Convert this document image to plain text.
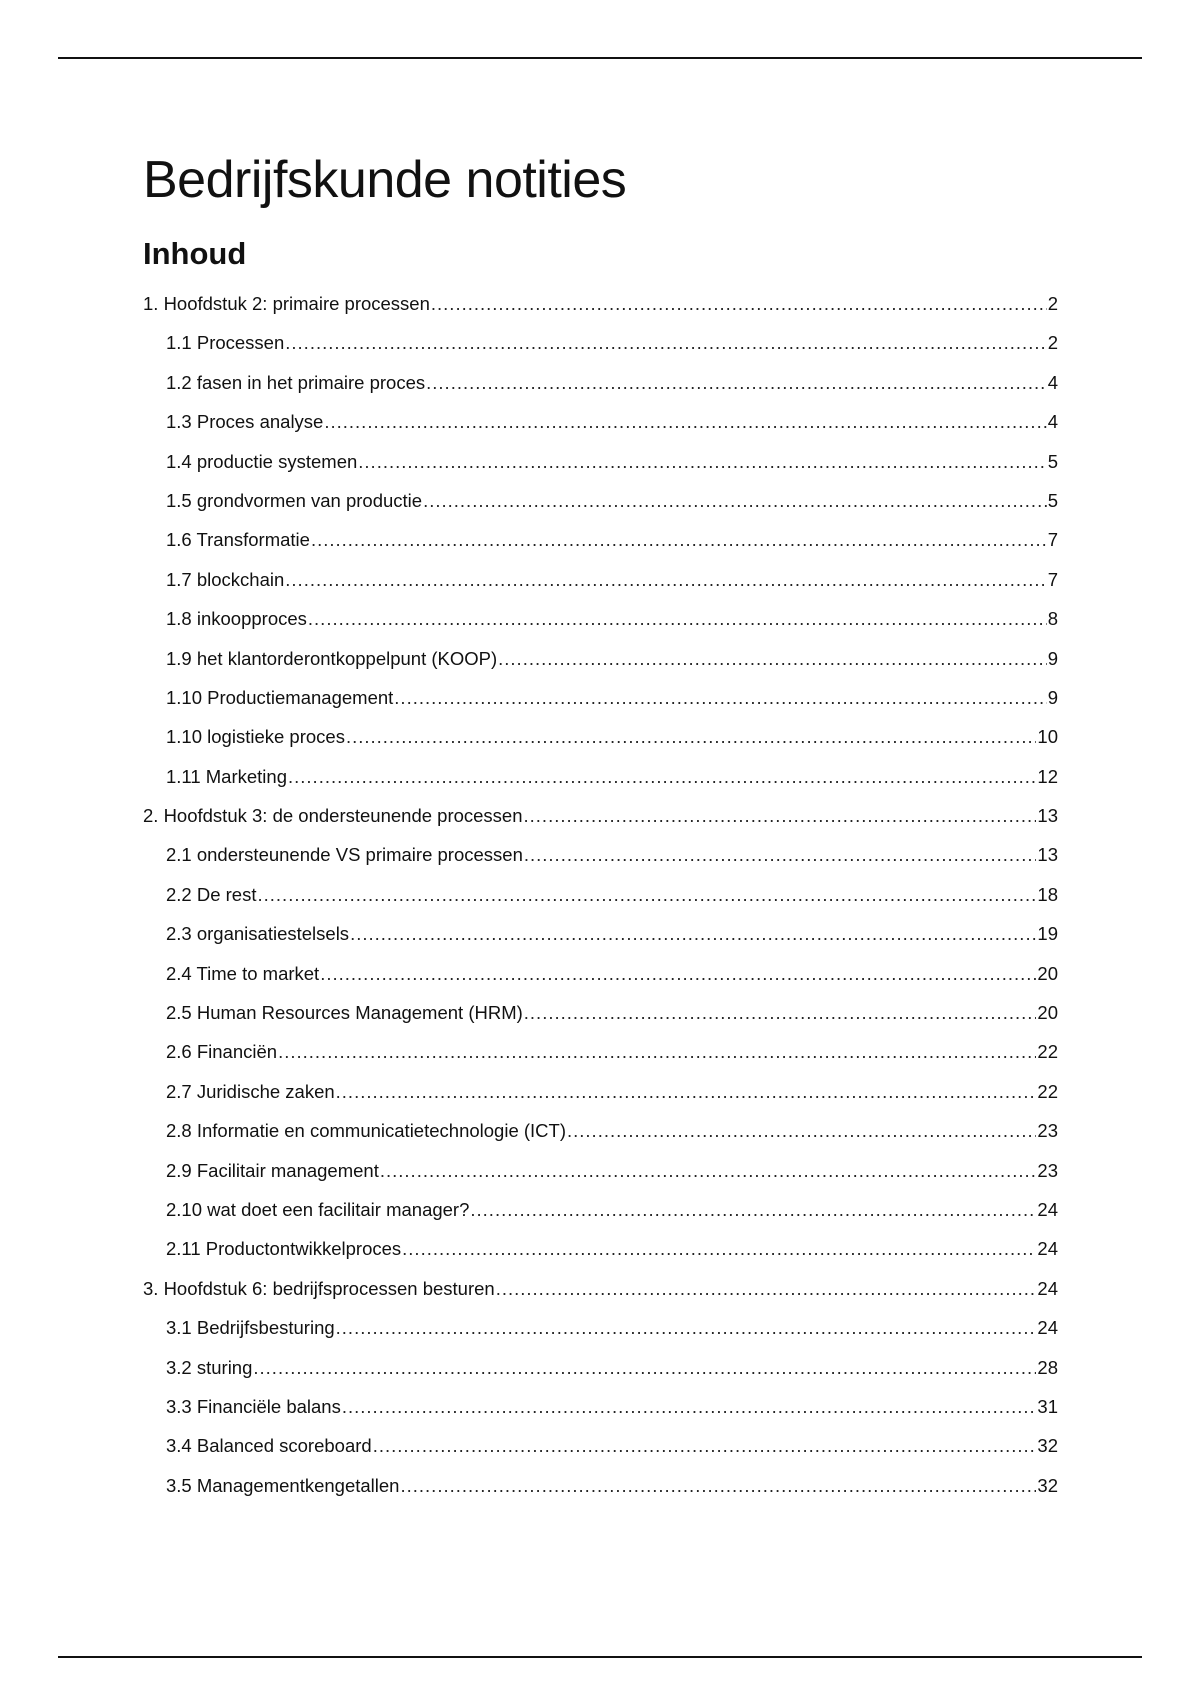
Bedrijfskunde notities
Inhoud
1. Hoofdstuk 2: primaire processen .....	2
1.1 Processen .....	2
1.2 fasen in het primaire proces .....	4
1.3 Proces analyse .....	4
1.4 productie systemen .....	5
1.5 grondvormen van productie .....	5
1.6 Transformatie .....	7
1.7 blockchain .....	7
1.8 inkoopproces .....	8
1.9 het klantorderontkoppelpunt (KOOP) .....	9
1.10 Productiemanagement .....	9
1.10 logistieke proces .....	10
1.11 Marketing .....	12
2. Hoofdstuk 3: de ondersteunende processen .....	13
2.1 ondersteunende VS primaire processen .....	13
2.2 De rest .....	18
2.3 organisatiestelsels .....	19
2.4 Time to market .....	20
2.5 Human Resources Management (HRM) .....	20
2.6 Financiën .....	22
2.7 Juridische zaken .....	22
2.8 Informatie en communicatietechnologie (ICT) .....	23
2.9 Facilitair management .....	23
2.10 wat doet een facilitair manager? .....	24
2.11 Productontwikkelproces .....	24
3. Hoofdstuk 6: bedrijfsprocessen besturen .....	24
3.1 Bedrijfsbesturing .....	24
3.2 sturing .....	28
3.3 Financiële balans .....	31
3.4 Balanced scoreboard .....	32
3.5 Managementkengetallen .....	32
